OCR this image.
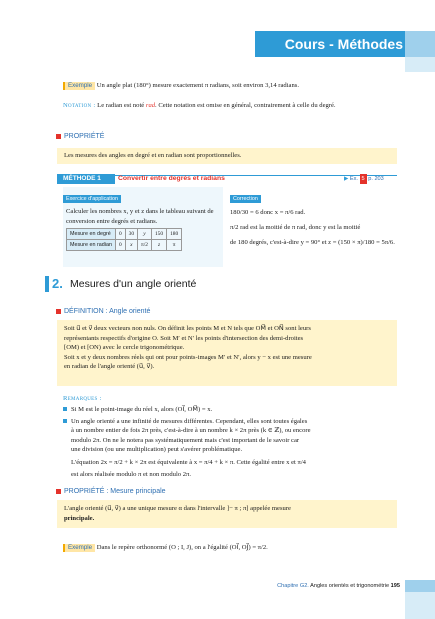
Cours - Méthodes
Exemple Un angle plat (180°) mesure exactement π radians, soit environ 3,14 radians.
Notation : Le radian est noté rad. Cette notation est omise en général, contrairement à celle du degré.
PROPRIÉTÉ
Les mesures des angles en degré et en radian sont proportionnelles.
MÉTHODE 1	Convertir entre degrés et radians	▶ Ex. 5 p. 203
Exercice d'application
Calculer les nombres x, y et z dans le tableau suivant de conversion entre degrés et radians.
Mesure en degré	0	30	y	150	180
Mesure en radian	0	x	π/2	z	π
Correction
180/30 = 6 donc x = π/6 rad.
π/2 rad est la moitié de π rad, donc y est la moitié
de 180 degrés, c'est-à-dire y = 90° et z = (150 × π)/180 = 5π/6.
2. Mesures d'un angle orienté
DÉFINITION : Angle orienté
Soit u⃗ et v⃗ deux vecteurs non nuls. On définit les points M et N tels que OM⃗ et ON⃗ sont leurs
représentants respectifs d'origine O. Soit M′ et N′ les points d'intersection des demi-droites
[OM) et [ON) avec le cercle trigonométrique.
Soit x et y deux nombres réels qui ont pour points-images M′ et N′, alors y − x est une mesure
en radian de l'angle orienté (u⃗, v⃗).
Remarques :
Si M est le point-image du réel x, alors (OI⃗, OM⃗) = x.
Un angle orienté a une infinité de mesures différentes. Cependant, elles sont toutes égales
à un nombre entier de fois 2π près, c'est-à-dire à un nombre k × 2π près (k ∈ ℤ), ou encore
modulo 2π. On ne le notera pas systématiquement mais c'est important de le savoir car
une division (ou une multiplication) peut s'avérer problématique.
L'équation 2x = π/2 + k × 2π est équivalente à x = π/4 + k × π. Cette égalité entre x et π/4
est alors réalisée modulo π et non modulo 2π.
PROPRIÉTÉ : Mesure principale
L'angle orienté (u⃗, v⃗) a une unique mesure α dans l'intervalle ]− π ; π] appelée mesure
principale.
Exemple Dans le repère orthonormé (O ; I, J), on a l'égalité (OI⃗, OJ⃗) = π/2.
Chapitre G2. Angles orientés et trigonométrie 195
